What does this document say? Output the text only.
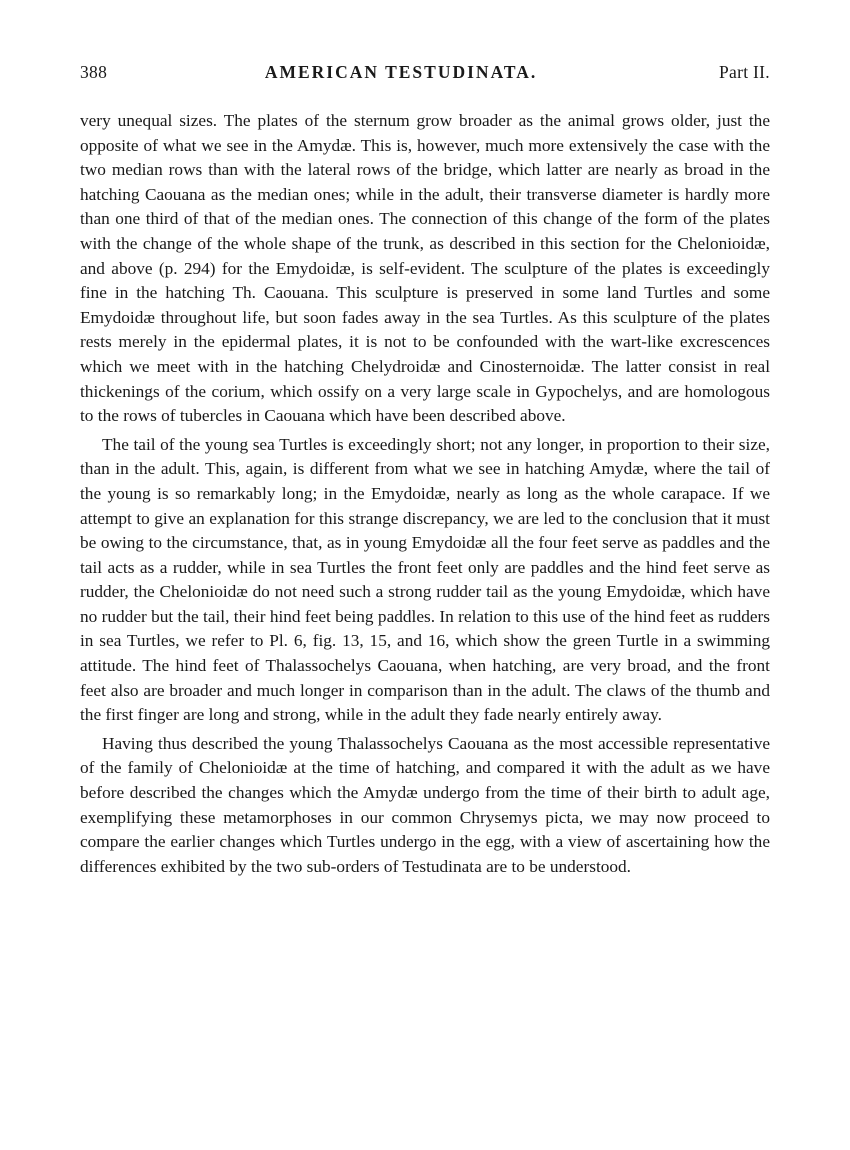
388	AMERICAN TESTUDINATA.	Part II.

very unequal sizes. The plates of the sternum grow broader as the animal grows older, just the opposite of what we see in the Amydæ. This is, however, much more extensively the case with the two median rows than with the lateral rows of the bridge, which latter are nearly as broad in the hatching Caouana as the median ones; while in the adult, their transverse diameter is hardly more than one third of that of the median ones. The connection of this change of the form of the plates with the change of the whole shape of the trunk, as described in this section for the Chelonioidæ, and above (p. 294) for the Emydoidæ, is self-evident. The sculpture of the plates is exceedingly fine in the hatching Th. Caouana. This sculpture is preserved in some land Turtles and some Emydoidæ throughout life, but soon fades away in the sea Turtles. As this sculpture of the plates rests merely in the epidermal plates, it is not to be confounded with the wart-like excrescences which we meet with in the hatching Chelydroidæ and Cinosternoidæ. The latter consist in real thickenings of the corium, which ossify on a very large scale in Gypochelys, and are homologous to the rows of tubercles in Caouana which have been described above.

The tail of the young sea Turtles is exceedingly short; not any longer, in proportion to their size, than in the adult. This, again, is different from what we see in hatching Amydæ, where the tail of the young is so remarkably long; in the Emydoidæ, nearly as long as the whole carapace. If we attempt to give an explanation for this strange discrepancy, we are led to the conclusion that it must be owing to the circumstance, that, as in young Emydoidæ all the four feet serve as paddles and the tail acts as a rudder, while in sea Turtles the front feet only are paddles and the hind feet serve as rudder, the Chelonioidæ do not need such a strong rudder tail as the young Emydoidæ, which have no rudder but the tail, their hind feet being paddles. In relation to this use of the hind feet as rudders in sea Turtles, we refer to Pl. 6, fig. 13, 15, and 16, which show the green Turtle in a swimming attitude. The hind feet of Thalassochelys Caouana, when hatching, are very broad, and the front feet also are broader and much longer in comparison than in the adult. The claws of the thumb and the first finger are long and strong, while in the adult they fade nearly entirely away.

Having thus described the young Thalassochelys Caouana as the most accessible representative of the family of Chelonioidæ at the time of hatching, and compared it with the adult as we have before described the changes which the Amydæ undergo from the time of their birth to adult age, exemplifying these metamorphoses in our common Chrysemys picta, we may now proceed to compare the earlier changes which Turtles undergo in the egg, with a view of ascertaining how the differences exhibited by the two sub-orders of Testudinata are to be understood.
